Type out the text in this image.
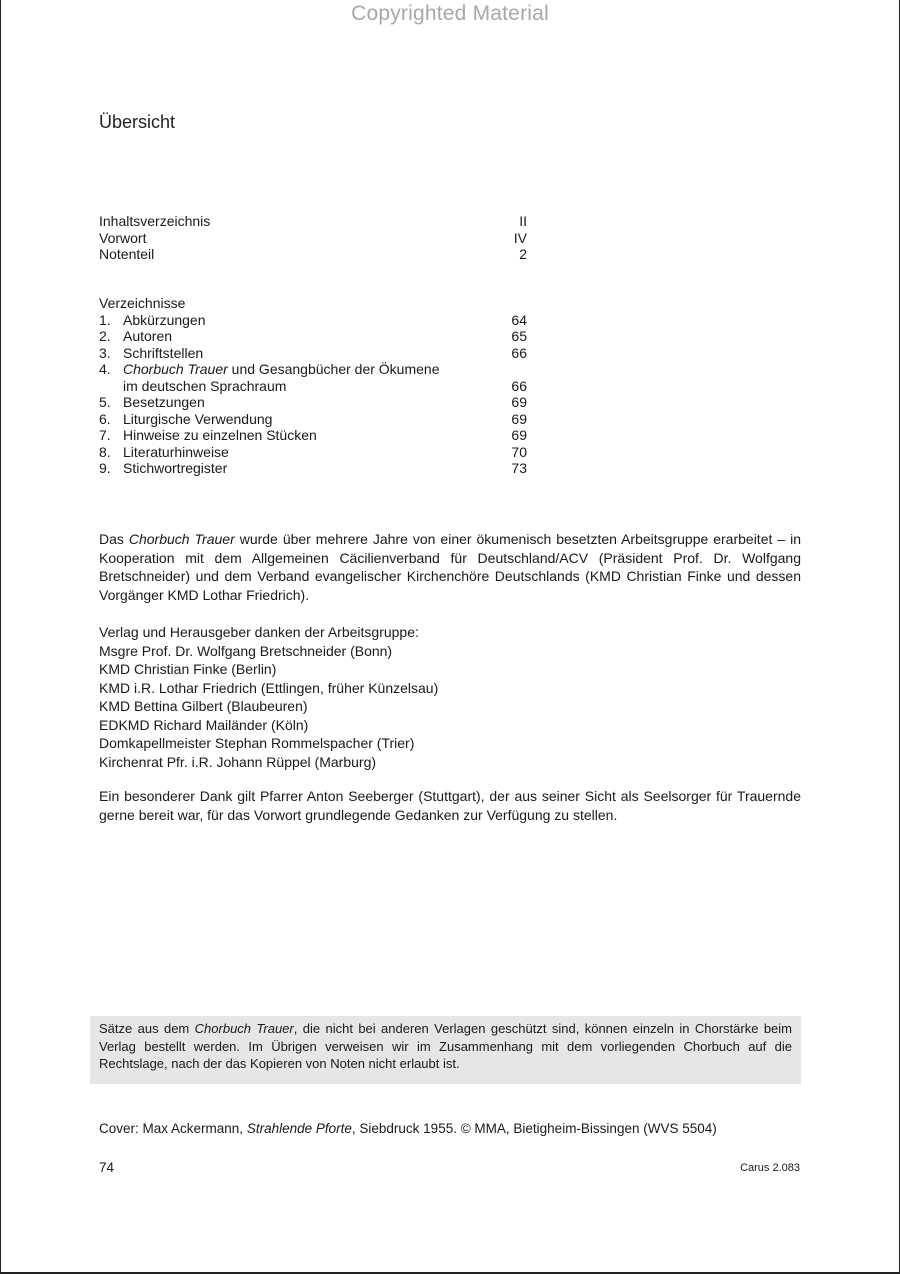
Copyrighted Material
Übersicht
Inhaltsverzeichnis	II
Vorwort	IV
Notenteil	2
Verzeichnisse
1. Abkürzungen	64
2. Autoren	65
3. Schriftstellen	66
4. Chorbuch Trauer und Gesangbücher der Ökumene
im deutschen Sprachraum	66
5. Besetzungen	69
6. Liturgische Verwendung	69
7. Hinweise zu einzelnen Stücken	69
8. Literaturhinweise	70
9. Stichwortregister	73
Das Chorbuch Trauer wurde über mehrere Jahre von einer ökumenisch besetzten Arbeitsgruppe erarbeitet – in Kooperation mit dem Allgemeinen Cäcilienverband für Deutschland/ACV (Präsident Prof. Dr. Wolfgang Bretschneider) und dem Verband evangelischer Kirchenchöre Deutschlands (KMD Christian Finke und dessen Vorgänger KMD Lothar Friedrich).
Verlag und Herausgeber danken der Arbeitsgruppe:
Msgre Prof. Dr. Wolfgang Bretschneider (Bonn)
KMD Christian Finke (Berlin)
KMD i.R. Lothar Friedrich (Ettlingen, früher Künzelsau)
KMD Bettina Gilbert (Blaubeuren)
EDKMD Richard Mailänder (Köln)
Domkapellmeister Stephan Rommelspacher (Trier)
Kirchenrat Pfr. i.R. Johann Rüppel (Marburg)
Ein besonderer Dank gilt Pfarrer Anton Seeberger (Stuttgart), der aus seiner Sicht als Seelsorger für Trauernde gerne bereit war, für das Vorwort grundlegende Gedanken zur Verfügung zu stellen.

Sätze aus dem Chorbuch Trauer, die nicht bei anderen Verlagen geschützt sind, können einzeln in Chorstärke beim Verlag bestellt werden. Im Übrigen verweisen wir im Zusammenhang mit dem vorliegenden Chorbuch auf die Rechtslage, nach der das Kopieren von Noten nicht erlaubt ist.

Cover: Max Ackermann, Strahlende Pforte, Siebdruck 1955. © MMA, Bietigheim-Bissingen (WVS 5504)
74	Carus 2.083
